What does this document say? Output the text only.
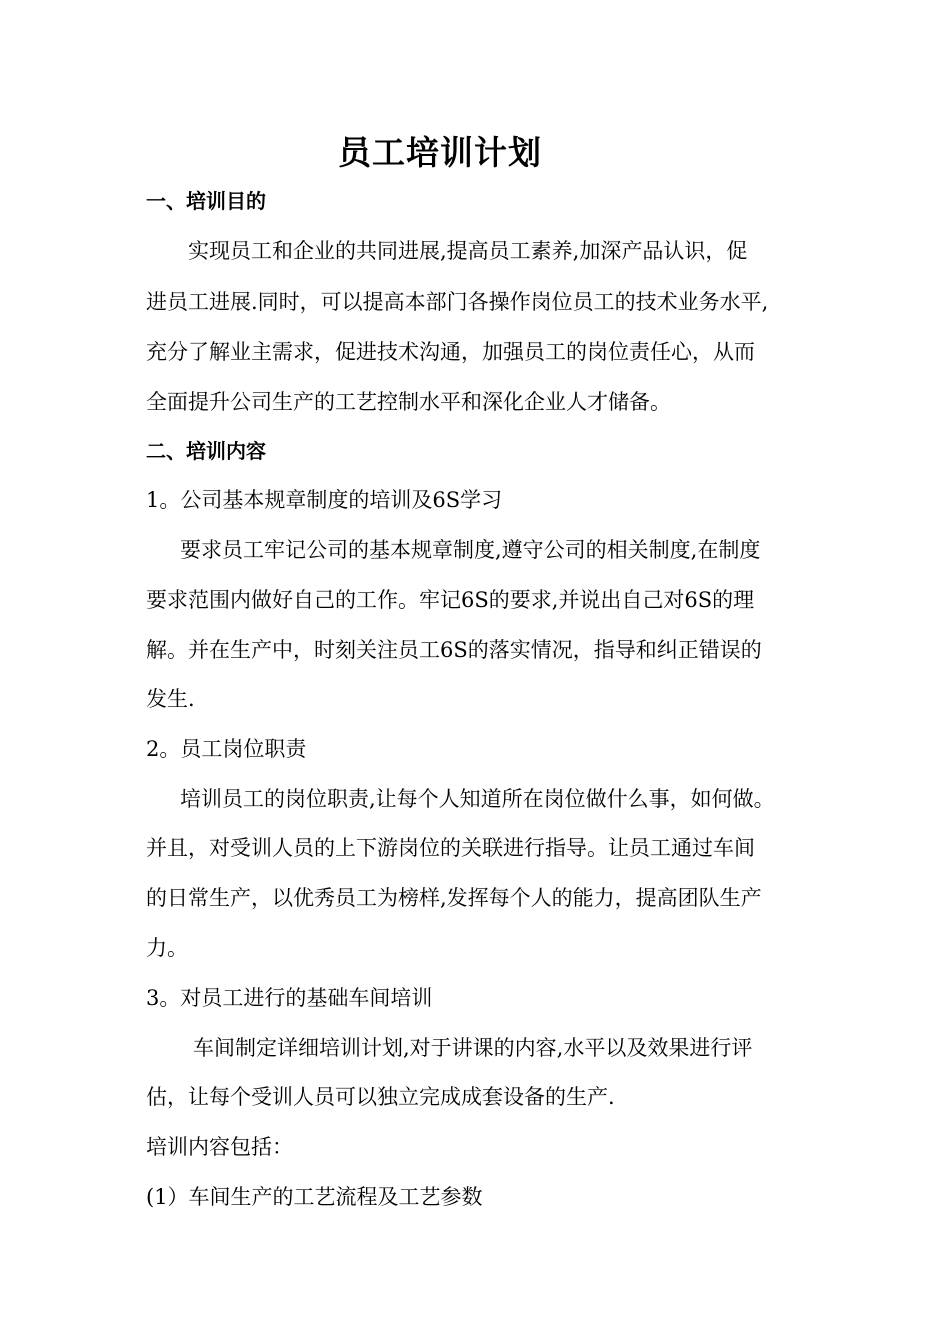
员工培训计划
一、培训目的
实现员工和企业的共同进展,提高员工素养,加深产品认识，促
进员工进展.同时，可以提高本部门各操作岗位员工的技术业务水平,
充分了解业主需求，促进技术沟通，加强员工的岗位责任心，从而
全面提升公司生产的工艺控制水平和深化企业人才储备。
二、培训内容
1。公司基本规章制度的培训及6S学习
要求员工牢记公司的基本规章制度,遵守公司的相关制度,在制度
要求范围内做好自己的工作。牢记6S的要求,并说出自己对6S的理
解。并在生产中，时刻关注员工6S的落实情况，指导和纠正错误的
发生.
2。员工岗位职责
培训员工的岗位职责,让每个人知道所在岗位做什么事，如何做。
并且，对受训人员的上下游岗位的关联进行指导。让员工通过车间
的日常生产，以优秀员工为榜样,发挥每个人的能力，提高团队生产
力。
3。对员工进行的基础车间培训
车间制定详细培训计划,对于讲课的内容,水平以及效果进行评
估，让每个受训人员可以独立完成成套设备的生产.
培训内容包括：
(1）车间生产的工艺流程及工艺参数
